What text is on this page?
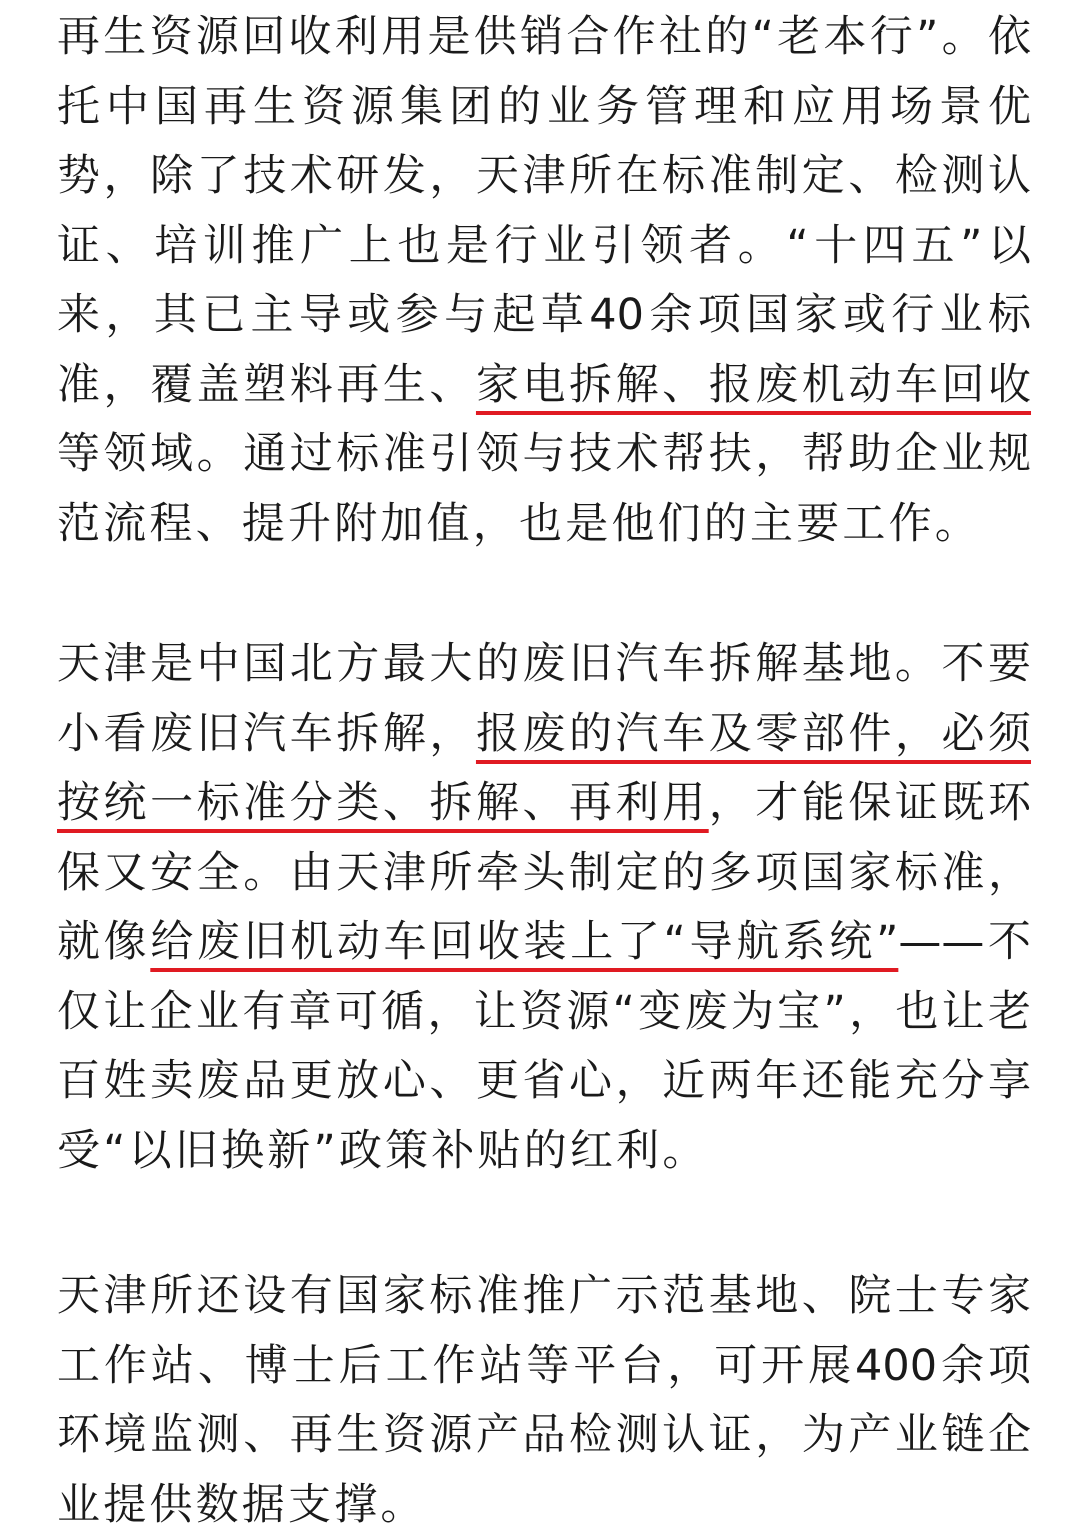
再生资源回收利用是供销合作社的“老本行”。依
托中国再生资源集团的业务管理和应用场景优
势，除了技术研发，天津所在标准制定、检测认
证、培训推广上也是行业引领者。“十四五”以
来，其已主导或参与起草40余项国家或行业标
准，覆盖塑料再生、家电拆解、报废机动车回收
等领域。通过标准引领与技术帮扶，帮助企业规
范流程、提升附加值，也是他们的主要工作。
天津是中国北方最大的废旧汽车拆解基地。不要
小看废旧汽车拆解，报废的汽车及零部件，必须
按统一标准分类、拆解、再利用，才能保证既环
保又安全。由天津所牵头制定的多项国家标准，
就像给废旧机动车回收装上了“导航系统”——不
仅让企业有章可循，让资源“变废为宝”，也让老
百姓卖废品更放心、更省心，近两年还能充分享
受“以旧换新”政策补贴的红利。
天津所还设有国家标准推广示范基地、院士专家
工作站、博士后工作站等平台，可开展400余项
环境监测、再生资源产品检测认证，为产业链企
业提供数据支撑。
